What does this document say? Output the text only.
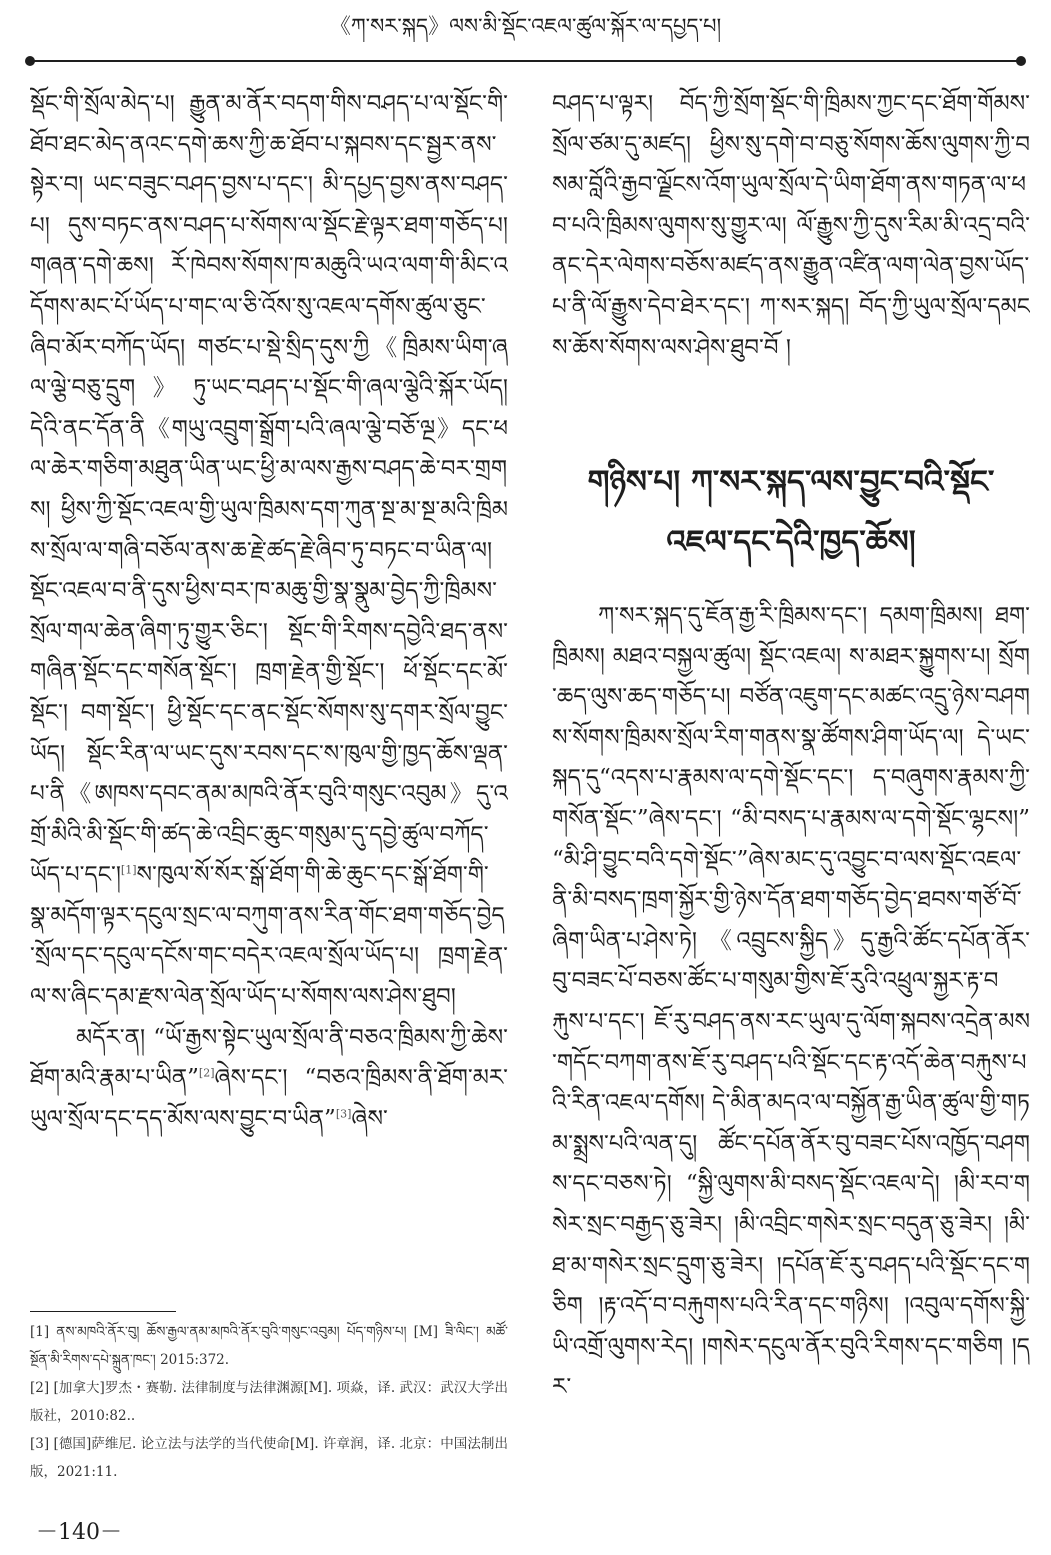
《ཀ་སར་སྐད》ལས་མི་སྡོང་འཇལ་ཚུལ་སྐོར་ལ་དཔྱད་པ།

སྡོང་གི་སྲོལ་མེད་པ། རྒྱུན་མ་ནོར་བདག་གིས་བཤད་པ་ལ་སྡོང་གི་ཐོབ་ཐང་མེད་ནའང་དགེ་ཆས་ཀྱི་ཆ་ཐོབ་པ་སྐབས་དང་སྦྱར་ནས་སྟེར་བ། ཡང་བཟུང་བཤད་བྱས་པ་དང་། མི་དཔྱད་བྱས་ནས་བཤད་པ། དུས་བཏང་ནས་བཤད་པ་སོགས་ལ་སྡོང་རྗེ་ལྟར་ཐག་གཅོད་པ། གཞན་དགེ་ཆས། རོ་ཁེབས་སོགས་ཁ་མཆུའི་ཡའ་ལག་གི་མིང་འདོགས་མང་པོ་ཡོད་པ་གང་ལ་ཅི་འོས་སུ་འཇལ་དགོས་ཚུལ་ཅུང་ཞིབ་མོར་བཀོད་ཡོད། གཙང་པ་སྡེ་སྲིད་དུས་ཀྱི《ཁྲིམས་ཡིག་ཞལ་ལྕེ་བཅུ་དྲུག》ཏུ་ཡང་བཤད་པ་སྡོང་གི་ཞལ་ལྕེའི་སྐོར་ཡོད། དེའི་ནང་དོན་ནི《གཡུ་འབྲུག་སྒྲོག་པའི་ཞལ་ལྕེ་བཅོ་ལྔ》དང་ཕལ་ཆེར་གཅིག་མཐུན་ཡིན་ཡང་ཕྱི་མ་ལས་རྒྱས་བཤད་ཆེ་བར་གྲགས། ཕྱིས་ཀྱི་སྡོང་འཇལ་གྱི་ཡུལ་ཁྲིམས་དག་ཀུན་སྔ་མ་སྔ་མའི་ཁྲིམས་སྲོལ་ལ་གཞི་བཅོལ་ནས་ཆ་རྗེ་ཚད་རྗེ་ཞིབ་ཏུ་བཏང་བ་ཡིན་ལ། སྡོང་འཇལ་བ་ནི་དུས་ཕྱིས་བར་ཁ་མཆུ་གྱི་སྣ་སྣུམ་བྱེད་ཀྱི་ཁྲིམས་སྲོལ་གལ་ཆེན་ཞིག་ཏུ་གྱུར་ཅིང་། སྡོང་གི་རིགས་དབྱེའི་ཐད་ནས་གཞིན་སྡོང་དང་གསོན་སྡོང་། ཁྲག་རྗེན་གྱི་སྡོང་། ཕོ་སྡོང་དང་མོ་སྡོང་། བག་སྡོང་། ཕྱི་སྡོང་དང་ནང་སྡོང་སོགས་སུ་དགར་སྲོལ་བྱུང་ཡོད། སྡོང་རིན་ལ་ཡང་དུས་རབས་དང་ས་ཁུལ་གྱི་ཁྱད་ཆོས་ལྡན་པ་ནི《ཨཁས་དབང་ནམ་མཁའི་ནོར་བུའི་གསུང་འབུམ》དུ་འགྲོ་མིའི་མི་སྡོང་གི་ཚད་ཆེ་འབྲིང་ཆུང་གསུམ་དུ་དབྱེ་ཚུལ་བཀོད་ཡོད་པ་དང་།[1]ས་ཁུལ་སོ་སོར་སྒོ་ཐོག་གི་ཆེ་ཆུང་དང་སྒོ་ཐོག་གི་སྣ་མདོག་ལྟར་དངུལ་སྲང་ལ་བཀུག་ནས་རིན་གོང་ཐག་གཅོད་བྱེད་སྲོལ་དང་དངུལ་དངོས་གང་བདེར་འཇལ་སྲོལ་ཡོད་པ། ཁྲག་རྗེན་ལ་ས་ཞིང་དམ་རྫས་ལེན་སྲོལ་ཡོད་པ་སོགས་ལས་ཤེས་ཐུབ།

མདོར་ན། “ཡོ་རྒྱས་སྟེང་ཡུལ་སྲོལ་ནི་བཅའ་ཁྲིམས་ཀྱི་ཆེས་ཐོག་མའི་རྣམ་པ་ཡིན”[2]ཞེས་དང་། “བཅའ་ཁྲིམས་ནི་ཐོག་མར་ཡུལ་སྲོལ་དང་དད་མོས་ལས་བྱུང་བ་ཡིན”[3]ཞེས་

བཤད་པ་ལྟར། བོད་ཀྱི་སྲོག་སྡོང་གི་ཁྲིམས་ཀྱང་དང་ཐོག་གོམས་སྲོལ་ཙམ་དུ་མཛད། ཕྱིས་སུ་དགེ་བ་བཅུ་སོགས་ཆོས་ལུགས་ཀྱི་བསམ་བློའི་རྒྱབ་ལྗོངས་འོག་ཡུལ་སྲོལ་དེ་ཡིག་ཐོག་ནས་གཏན་ལ་ཕབ་པའི་ཁྲིམས་ལུགས་སུ་གྱུར་ལ། ལོ་རྒྱུས་ཀྱི་དུས་རིམ་མི་འདྲ་བའི་ནང་དེར་ལེགས་བཅོས་མཛད་ནས་རྒྱུན་འཛིན་ལག་ལེན་བྱས་ཡོད་པ་ནི་ལོ་རྒྱུས་དེབ་ཐེར་དང་། ཀ་སར་སྐད། བོད་ཀྱི་ཡུལ་སྲོལ་དམངས་ཆོས་སོགས་ལས་ཤེས་ཐུབ་བོ །

གཉིས་པ། ཀ་སར་སྐད་ལས་བྱུང་བའི་སྡོང་
འཇལ་དང་དེའི་ཁྱད་ཆོས།

ཀ་སར་སྐད་དུ་ཇོན་རྒྱ་རི་ཁྲིམས་དང་། དམག་ཁྲིམས། ཐག་ཁྲིམས། མཐའ་བསྐྱལ་ཚུལ། སྡོང་འཇལ། ས་མཐར་སྐྱུགས་པ། སྲོག་ཆད་ལུས་ཆད་གཅོད་པ། བཙོན་འཇུག་དང་མཚང་འདྲུ་ཉེས་བཤགས་སོགས་ཁྲིམས་སྲོལ་རིག་གནས་སྣ་ཚོགས་ཤིག་ཡོད་ལ། དེ་ཡང་སྐད་དུ“འདས་པ་རྣམས་ལ་དགེ་སྡོང་དང་། ད་བཞུགས་རྣམས་ཀྱི་གསོན་སྡོང་”ཞེས་དང་། “མི་བསད་པ་རྣམས་ལ་དགེ་སྡོང་ལྷངས།” “མི་ཤི་བྱུང་བའི་དགེ་སྡོང་”ཞེས་མང་དུ་འབྱུང་བ་ལས་སྡོང་འཇལ་ནི་མི་བསད་ཁྲག་སྐྱོར་གྱི་ཉེས་དོན་ཐག་གཅོད་བྱེད་ཐབས་གཙོ་བོ་ཞིག་ཡིན་པ་ཤེས་ཏེ། 《འབྲུངས་སྐྱིད》དུ་རྒྱའི་ཚོང་དཔོན་ནོར་བུ་བཟང་པོ་བཅས་ཚོང་པ་གསུམ་གྱིས་ཇོ་རུའི་འཕྲུལ་སྐྱར་རྟ་བརྐུས་པ་དང་། ཇོ་རུ་བཤད་ནས་རང་ཡུལ་དུ་ལོག་སྐབས་འདྲེན་མས་གདོང་བཀག་ནས་ཇོ་རུ་བཤད་པའི་སྡོང་དང་རྟ་འདོ་ཆེན་བརྐུས་པའི་རིན་འཇལ་དགོས། དེ་མིན་མདའ་ལ་བསྐྱོན་རྒྱ་ཡིན་ཚུལ་གྱི་གཏམ་སྨྲས་པའི་ལན་དུ། ཚོང་དཔོན་ནོར་བུ་བཟང་པོས་འཁྱོད་བཤགས་དང་བཅས་ཏེ། “སྐྱི་ལུགས་མི་བསད་སྡོང་འཇལ་དེ། །མི་རབ་གསེར་སྲང་བརྒྱད་ཅུ་ཟེར། །མི་འབྲིང་གསེར་སྲང་བདུན་ཅུ་ཟེར། །མི་ཐ་མ་གསེར་སྲང་དྲུག་ཅུ་ཟེར། །དཔོན་ཇོ་རུ་བཤད་པའི་སྡོང་དང་གཅིག །རྟ་འདོ་བ་བརྐུགས་པའི་རིན་དང་གཉིས། །འབུལ་དགོས་སྐྱི་ཡི་འགྲོ་ལུགས་རེད། །གསེར་དངུལ་ནོར་བུའི་རིགས་དང་གཅིག །དར་

[1] ནས་མཁའི་ནོར་བུ། ཆོས་རྒྱལ་ནམ་མཁའི་ནོར་བུའི་གསུང་འབུམ། པོད་གཉིས་པ། [M] ཟི་ལིང་། མཚོ་སྔོན་མི་རིགས་དཔེ་སྐྲུན་ཁང་། 2015:372.
[2] [加拿大]罗杰・赛勒. 法律制度与法律渊源[M]. 项焱，译. 武汉：武汉大学出版社，2010:82..
[3] [德国]萨维尼. 论立法与法学的当代使命[M]. 许章润，译. 北京：中国法制出版，2021:11.
－140－
